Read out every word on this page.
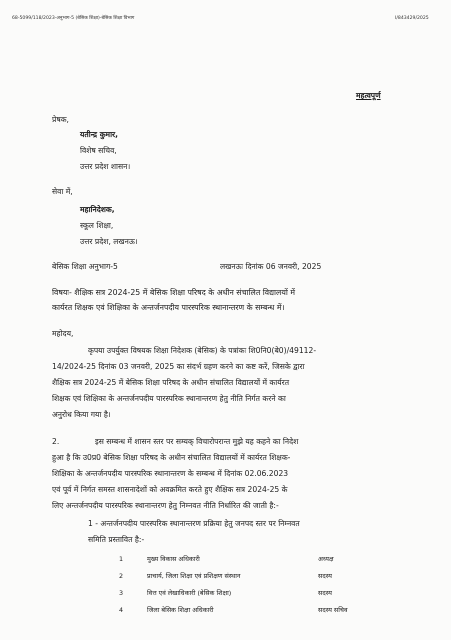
68-5099/118/2023-अनुभाग-5 (बेसिक शिक्षा)-बेसिक शिक्षा विभाग	I/843429/2025
महत्वपूर्ण
प्रेषक,
यतीन्द्र कुमार,
विशेष सचिव,
उत्तर प्रदेश शासन।
सेवा में,
महानिदेशक,
स्कूल शिक्षा,
उत्तर प्रदेश, लखनऊ।
बेसिक शिक्षा अनुभाग-5	लखनऊः दिनांक 06 जनवरी, 2025
विषयः- शैक्षिक सत्र 2024-25 में बेसिक शिक्षा परिषद के अधीन संचालित विद्यालयों में
कार्यरत शिक्षक एवं शिक्षिका के अन्तर्जनपदीय पारस्परिक स्थानान्तरण के सम्बन्ध में।
महोदय,
कृपया उपर्युक्त विषयक शिक्षा निदेशक (बेसिक) के पत्रांकः शि0नि0(बे0)/49112-
14/2024-25 दिनांक 03 जनवरी, 2025 का संदर्भ ग्रहण करने का कष्ट करें, जिसके द्वारा
शैक्षिक सत्र 2024-25 में बेसिक शिक्षा परिषद के अधीन संचालित विद्यालयों में कार्यरत
शिक्षक एवं शिक्षिका के अन्तर्जनपदीय पारस्परिक स्थानान्तरण हेतु नीति निर्गत करने का
अनुरोध किया गया है।
2.	इस सम्बन्ध में शासन स्तर पर सम्यक् विचारोपरान्त मुझे यह कहने का निदेश
हुआ है कि उ0प्र0 बेसिक शिक्षा परिषद के अधीन संचालित विद्यालयों में कार्यरत शिक्षक-
शिक्षिका के अन्तर्जनपदीय पारस्परिक स्थानान्तरण के सम्बन्ध में दिनांक 02.06.2023
एवं पूर्व में निर्गत समस्त शासनादेशों को अवक्रमित करते हुए शैक्षिक सत्र 2024-25 के
लिए अन्तर्जनपदीय पारस्परिक स्थानान्तरण हेतु निम्नवत नीति निर्धारित की जाती है:-
1 - अन्तर्जनपदीय पारस्परिक स्थानान्तरण प्रक्रिया हेतु जनपद स्तर पर निम्नवत
समिति प्रस्तावित है:-
1	मुख्य विकास अधिकारी	अध्यक्ष
2	प्राचार्य, जिला शिक्षा एवं प्रशिक्षण संस्थान	सदस्य
3	वित्त एवं लेखाधिकारी (बेसिक शिक्षा)	सदस्य
4	जिला बेसिक शिक्षा अधिकारी	सदस्य सचिव
